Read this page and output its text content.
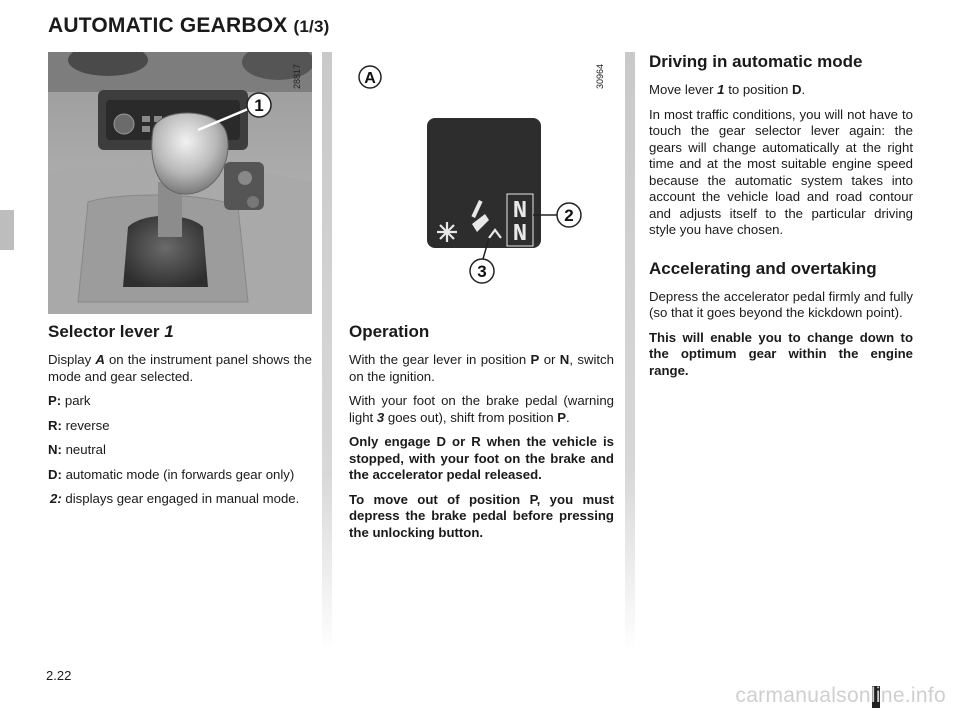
AUTOMATIC GEARBOX (1/3)
1
28817	A
N
N
2
3
30964
Selector lever 1

Display A on the instrument panel shows the mode and gear selected.

P: park

R: reverse

N: neutral

D: automatic mode (in forwards gear only)

2: displays gear engaged in manual mode.

Operation

With the gear lever in position P or N, switch on the ignition.

With your foot on the brake pedal (warning light 3 goes out), shift from position P.

Only engage D or R when the vehicle is stopped, with your foot on the brake and the accelerator pedal released.

To move out of position P, you must depress the brake pedal before pressing the unlocking button.

Driving in automatic mode

Move lever 1 to position D.

In most traffic conditions, you will not have to touch the gear selector lever again: the gears will change automatically at the right time and at the most suitable engine speed because the automatic system takes into account the vehicle load and road contour and adjusts itself to the particular driving style you have chosen.

Accelerating and overtaking

Depress the accelerator pedal firmly and fully (so that it goes beyond the kickdown point).

This will enable you to change down to the optimum gear within the engine range.

2.22
carmanualsonline.info
